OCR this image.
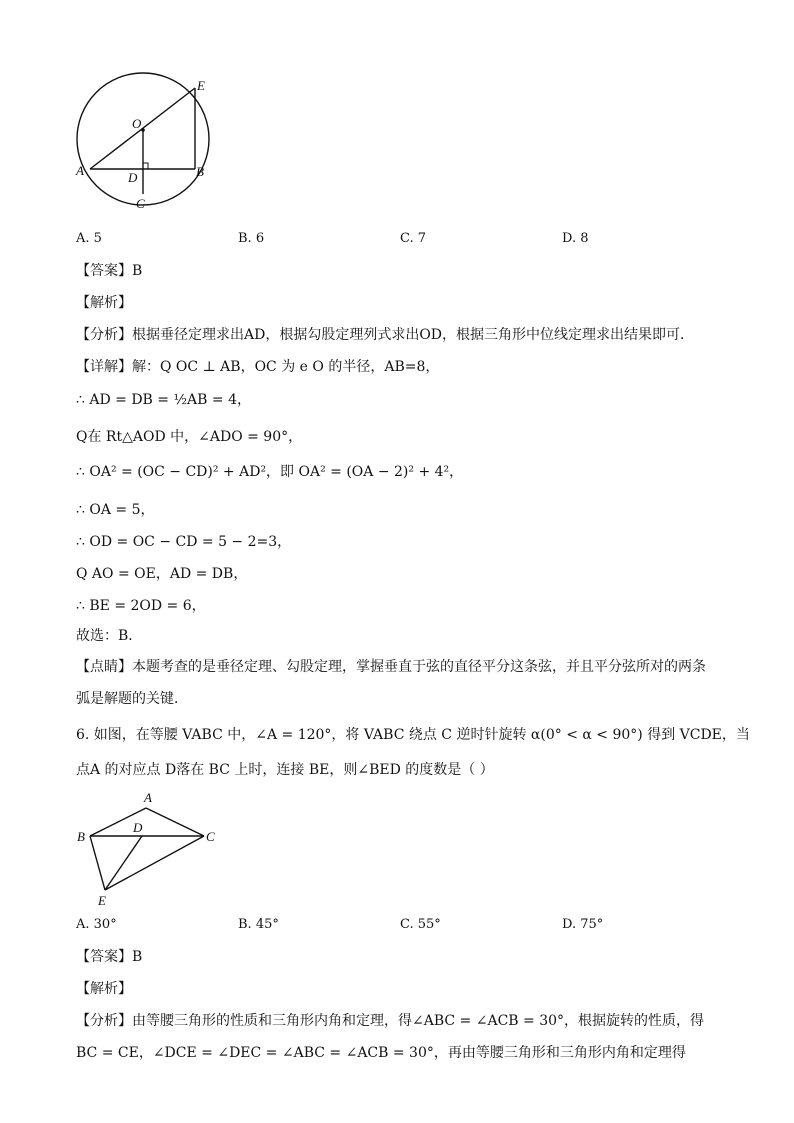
E
O
A	D	B
C
A. 5	B. 6	C. 7	D. 8
【答案】B
【解析】
【分析】根据垂径定理求出AD，根据勾股定理列式求出OD，根据三角形中位线定理求出结果即可．
【详解】解：Q OC ⊥ AB，OC 为 e O 的半径，AB=8，
∴ AD = DB = ½AB = 4，
Q在 Rt△AOD 中，∠ADO = 90°，
∴ OA² = (OC − CD)² + AD²，即 OA² = (OA − 2)² + 4²，
∴ OA = 5，
∴ OD = OC − CD = 5 − 2=3，
Q AO = OE，AD = DB，
∴ BE = 2OD = 6，
故选：B．
【点睛】本题考查的是垂径定理、勾股定理，掌握垂直于弦的直径平分这条弦，并且平分弦所对的两条
弧是解题的关键．
6. 如图，在等腰 VABC 中，∠A = 120°，将 VABC 绕点 C 逆时针旋转 α(0° < α < 90°) 得到 VCDE，当
点A 的对应点 D落在 BC 上时，连接 BE，则∠BED 的度数是（ ）
A
B
D
C
E
A. 30°	B. 45°	C. 55°	D. 75°
【答案】B
【解析】
【分析】由等腰三角形的性质和三角形内角和定理，得∠ABC = ∠ACB = 30°，根据旋转的性质，得
BC = CE，∠DCE = ∠DEC = ∠ABC = ∠ACB = 30°，再由等腰三角形和三角形内角和定理得
